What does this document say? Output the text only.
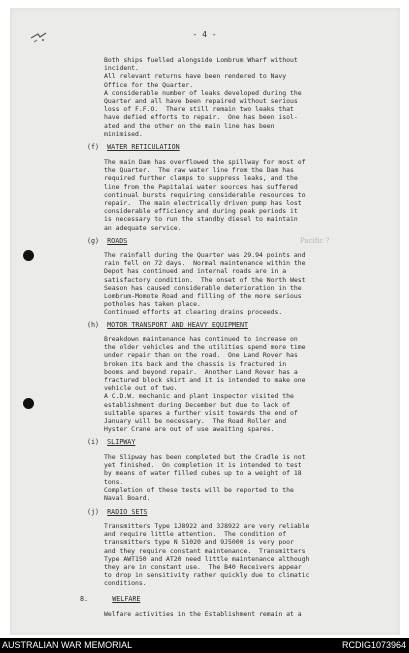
Pacific ?
- 4 -
Both ships fuelled alongside Lombrum Wharf without
incident.
All relevant returns have been rendered to Navy
Office for the Quarter.
A considerable number of leaks developed during the
Quarter and all have been repaired without serious
loss of F.F.O.  There still remain two leaks that
have defied efforts to repair.  One has been isol-
ated and the other on the main line has been
minimised.
(f) WATER RETICULATION
The main Dam has overflowed the spillway for most of
the Quarter.  The raw water line from the Dam has
required further clamps to suppress leaks, and the
line from the Papitalai water sources has suffered
continual bursts requiring considerable resources to
repair.  The main electrically driven pump has lost
considerable efficiency and during peak periods it
is necessary to run the standby diesel to maintain
an adequate service.
(g) ROADS
The rainfall during the Quarter was 29.94 points and
rain fell on 72 days.  Normal maintenance within the
Depot has continued and internal roads are in a
satisfactory condition.  The onset of the North West
Season has caused considerable deterioration in the
Lombrum-Momote Road and filling of the more serious
potholes has taken place.
Continued efforts at clearing drains proceeds.
(h) MOTOR TRANSPORT AND HEAVY EQUIPMENT
Breakdown maintenance has continued to increase on
the older vehicles and the utilities spend more time
under repair than on the road.  One Land Rover has
broken its back and the chassis is fractured in
booms and beyond repair.  Another Land Rover has a
fractured block skirt and it is intended to make one
vehicle out of two.
A C.D.W. mechanic and plant inspector visited the
establishment during December but due to lack of
suitable spares a further visit towards the end of
January will be necessary.  The Road Roller and
Hyster Crane are out of use awaiting spares.
(i) SLIPWAY
The Slipway has been completed but the Cradle is not
yet finished.  On completion it is intended to test
by means of water filled cubes up to a weight of 18
tons.
Completion of these tests will be reported to the
Naval Board.
(j) RADIO SETS
Transmitters Type 1J8922 and 3J8922 are very reliable
and require little attention.  The condition of
transmitters type N 51020 and 9J5000 is very poor
and they require constant maintenance.  Transmitters
Type AWT150 and AT20 need little maintenance although
they are in constant use.  The B40 Receivers appear
to drop in sensitivity rather quickly due to climatic
conditions.
8.	WELFARE
Welfare activities in the Establishment remain at a
AUSTRALIAN WAR MEMORIAL	RCDIG1073964
